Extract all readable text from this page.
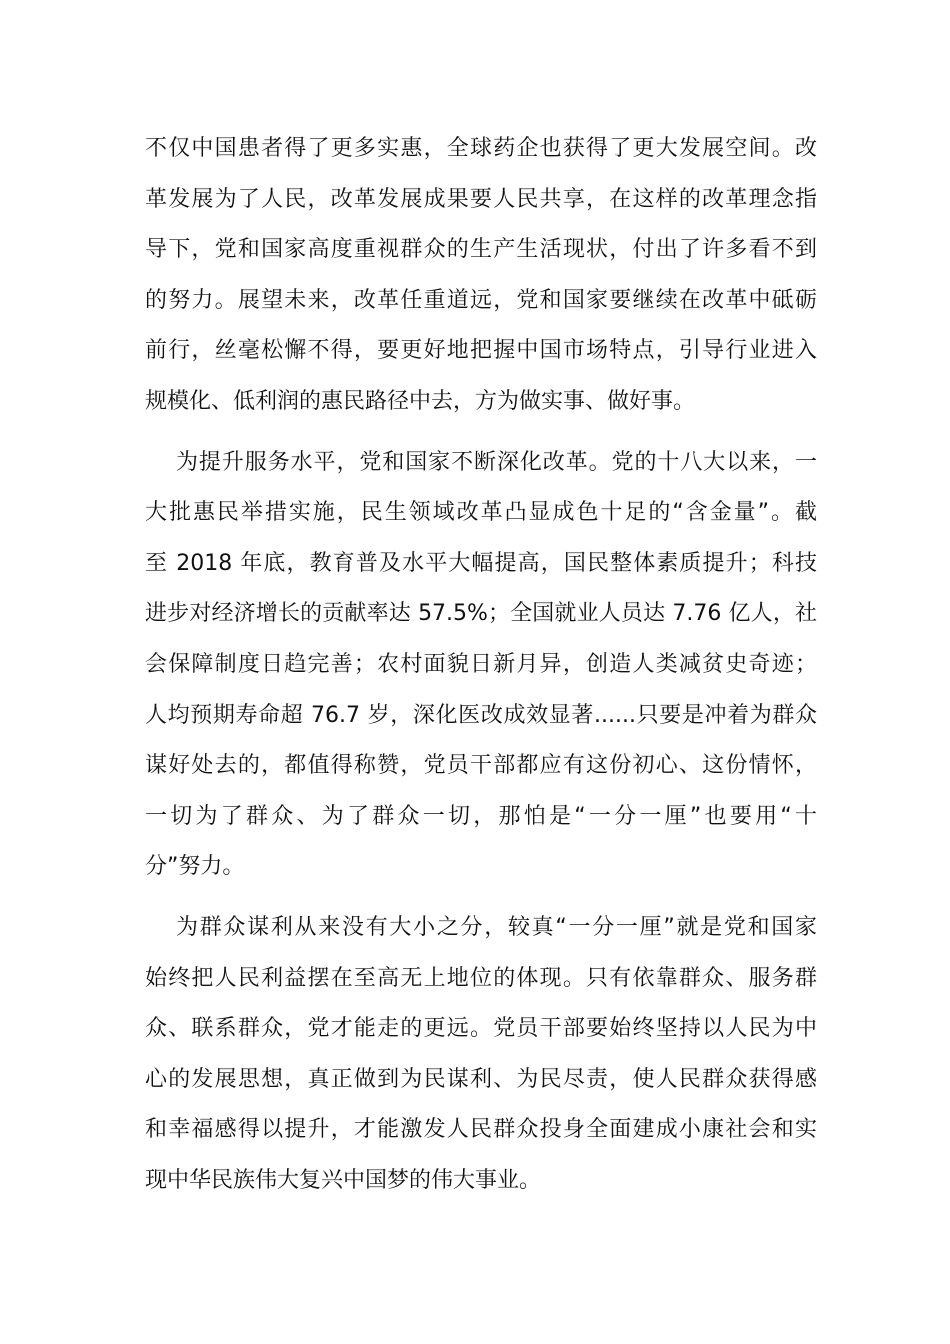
不仅中国患者得了更多实惠，全球药企也获得了更大发展空间。改
革发展为了人民，改革发展成果要人民共享，在这样的改革理念指
导下，党和国家高度重视群众的生产生活现状，付出了许多看不到
的努力。展望未来，改革任重道远，党和国家要继续在改革中砥砺
前行，丝毫松懈不得，要更好地把握中国市场特点，引导行业进入
规模化、低利润的惠民路径中去，方为做实事、做好事。
为提升服务水平，党和国家不断深化改革。党的十八大以来，一
大批惠民举措实施，民生领域改革凸显成色十足的“含金量”。截
至 2018 年底，教育普及水平大幅提高，国民整体素质提升；科技
进步对经济增长的贡献率达 57.5%；全国就业人员达 7.76 亿人，社
会保障制度日趋完善；农村面貌日新月异，创造人类减贫史奇迹；
人均预期寿命超 76.7 岁，深化医改成效显著......只要是冲着为群众
谋好处去的，都值得称赞，党员干部都应有这份初心、这份情怀，
一切为了群众、为了群众一切，那怕是“一分一厘”也要用“十
分”努力。
为群众谋利从来没有大小之分，较真“一分一厘”就是党和国家
始终把人民利益摆在至高无上地位的体现。只有依靠群众、服务群
众、联系群众，党才能走的更远。党员干部要始终坚持以人民为中
心的发展思想，真正做到为民谋利、为民尽责，使人民群众获得感
和幸福感得以提升，才能激发人民群众投身全面建成小康社会和实
现中华民族伟大复兴中国梦的伟大事业。
